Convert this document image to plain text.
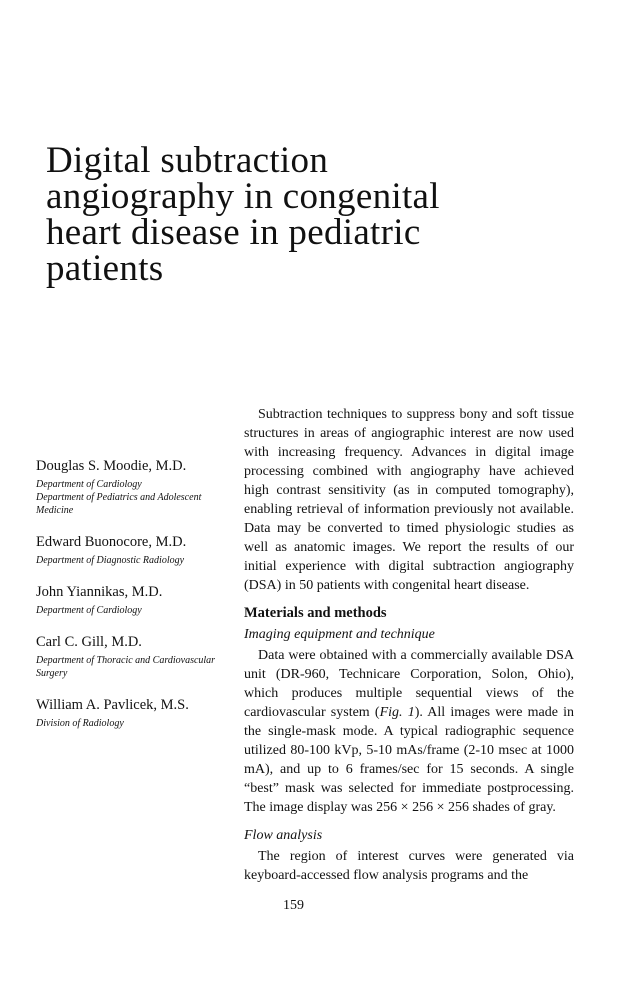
Digital subtraction
angiography in congenital
heart disease in pediatric
patients
Douglas S. Moodie, M.D.
Department of Cardiology
Department of Pediatrics and Adolescent Medicine
Edward Buonocore, M.D.
Department of Diagnostic Radiology
John Yiannikas, M.D.
Department of Cardiology
Carl C. Gill, M.D.
Department of Thoracic and Cardiovascular Surgery
William A. Pavlicek, M.S.
Division of Radiology

Subtraction techniques to suppress bony and soft tissue structures in areas of angiographic interest are now used with increasing frequency. Advances in digital image processing combined with angiography have achieved high contrast sensitivity (as in computed tomography), enabling retrieval of information previously not available. Data may be converted to timed physiologic studies as well as anatomic images. We report the results of our initial experience with digital subtraction angiography (DSA) in 50 patients with congenital heart disease.

Materials and methods
Imaging equipment and technique

Data were obtained with a commercially available DSA unit (DR-960, Technicare Corporation, Solon, Ohio), which produces multiple sequential views of the cardiovascular system (Fig. 1). All images were made in the single-mask mode. A typical radiographic sequence utilized 80-100 kVp, 5-10 mAs/frame (2-10 msec at 1000 mA), and up to 6 frames/sec for 15 seconds. A single “best” mask was selected for immediate postprocessing. The image display was 256 × 256 × 256 shades of gray.

Flow analysis

The region of interest curves were generated via keyboard-accessed flow analysis programs and the

159
